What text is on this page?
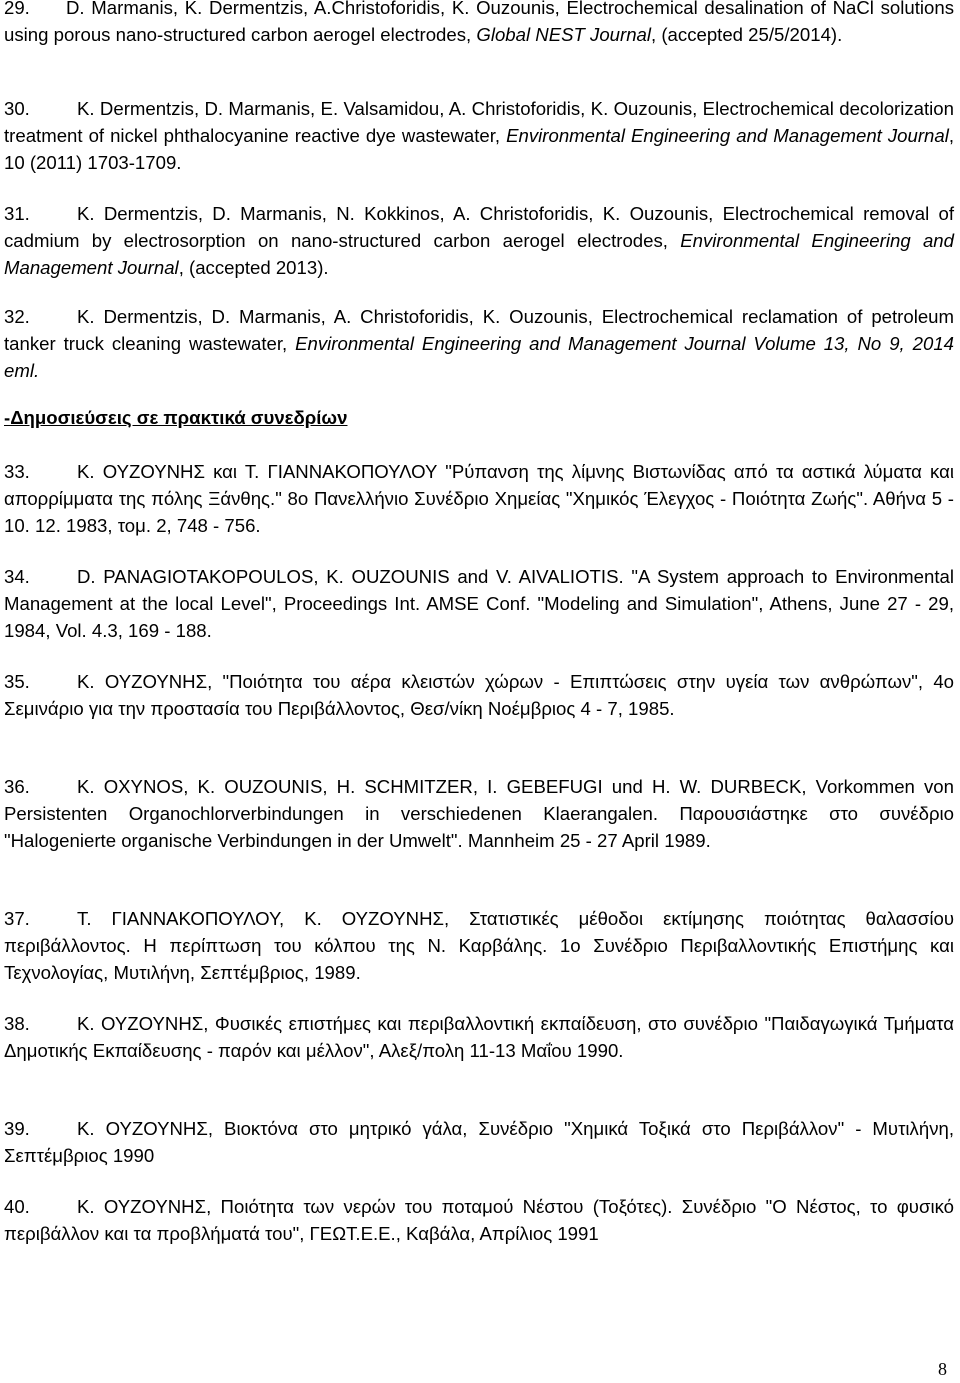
29. D. Marmanis, K. Dermentzis, A.Christoforidis, K. Ouzounis, Electrochemical desalination of NaCl solutions using porous nano-structured carbon aerogel electrodes, Global NEST Journal, (accepted 25/5/2014).

30.	K. Dermentzis, D. Marmanis, E. Valsamidou, A. Christoforidis, K. Ouzounis, Electrochemical decolorization treatment of nickel phthalocyanine reactive dye wastewater, Environmental Engineering and Management Journal, 10 (2011) 1703-1709.

31.	K. Dermentzis, D. Marmanis, N. Kokkinos, A. Christoforidis, K. Ouzounis, Electrochemical removal of cadmium by electrosorption on nano-structured carbon aerogel electrodes, Environmental Engineering and Management Journal, (accepted 2013).

32.	K. Dermentzis, D. Marmanis, A. Christoforidis, K. Ouzounis, Electrochemical reclamation of petroleum tanker truck cleaning wastewater, Environmental Engineering and Management Journal Volume 13, No 9, 2014 eml.

-Δημοσιεύσεις σε πρακτικά συνεδρίων

33.	Κ. ΟΥΖΟΥΝΗΣ και Τ. ΓΙΑΝΝΑΚΟΠΟΥΛΟΥ "Ρύπανση της λίμνης Βιστωνίδας από τα αστικά λύματα και απορρίμματα της πόλης Ξάνθης." 8ο Πανελλήνιο Συνέδριο Χημείας "Χημικός Έλεγχος - Ποιότητα Ζωής". Αθήνα 5 - 10. 12. 1983, τομ. 2, 748 - 756.

34.	D. PANAGIOTAKOPOULOS, K. OUZOUNIS and V. AIVALIOTIS. "A System approach to Environmental Management at the local Level", Proceedings Int. AMSE Conf. "Modeling and Simulation", Athens, June 27 - 29, 1984, Vol. 4.3, 169 - 188.

35.	Κ. ΟΥΖΟΥΝΗΣ, "Ποιότητα του αέρα κλειστών χώρων - Επιπτώσεις στην υγεία των ανθρώπων", 4ο Σεμινάριο για την προστασία του Περιβάλλοντος, Θεσ/νίκη Νοέμβριος 4 - 7, 1985.

36.	K. OXYNOS, K. OUZOUNIS, H. SCHMITZER, I. GEBEFUGI und H. W. DURBECK, Vorkommen von Persistenten Organochlorverbindungen in verschiedenen Klaerangalen. Παρουσιάστηκε στο συνέδριο "Halogenierte organische Verbindungen in der Umwelt". Mannheim 25 - 27 April 1989.

37.	Τ. ΓΙΑΝΝΑΚΟΠΟΥΛΟΥ, Κ. ΟΥΖΟΥΝΗΣ, Στατιστικές μέθοδοι εκτίμησης ποιότητας θαλασσίου περιβάλλοντος. Η περίπτωση του κόλπου της Ν. Καρβάλης. 1ο Συνέδριο Περιβαλλοντικής Επιστήμης και Τεχνολογίας, Μυτιλήνη, Σεπτέμβριος, 1989.

38.	Κ. ΟΥΖΟΥΝΗΣ, Φυσικές επιστήμες και περιβαλλοντική εκπαίδευση, στο συνέδριο "Παιδαγωγικά Τμήματα Δημοτικής Εκπαίδευσης - παρόν και μέλλον", Αλεξ/πολη 11-13 Μαΐου 1990.

39.	Κ. ΟΥΖΟΥΝΗΣ, Βιοκτόνα στο μητρικό γάλα, Συνέδριο "Χημικά Τοξικά στο Περιβάλλον" - Μυτιλήνη, Σεπτέμβριος 1990

40.	Κ. ΟΥΖΟΥΝΗΣ, Ποιότητα των νερών του ποταμού Νέστου (Τοξότες). Συνέδριο "Ο Νέστος, το φυσικό περιβάλλον και τα προβλήματά του", ΓΕΩΤ.Ε.Ε., Καβάλα, Απρίλιος 1991

8
